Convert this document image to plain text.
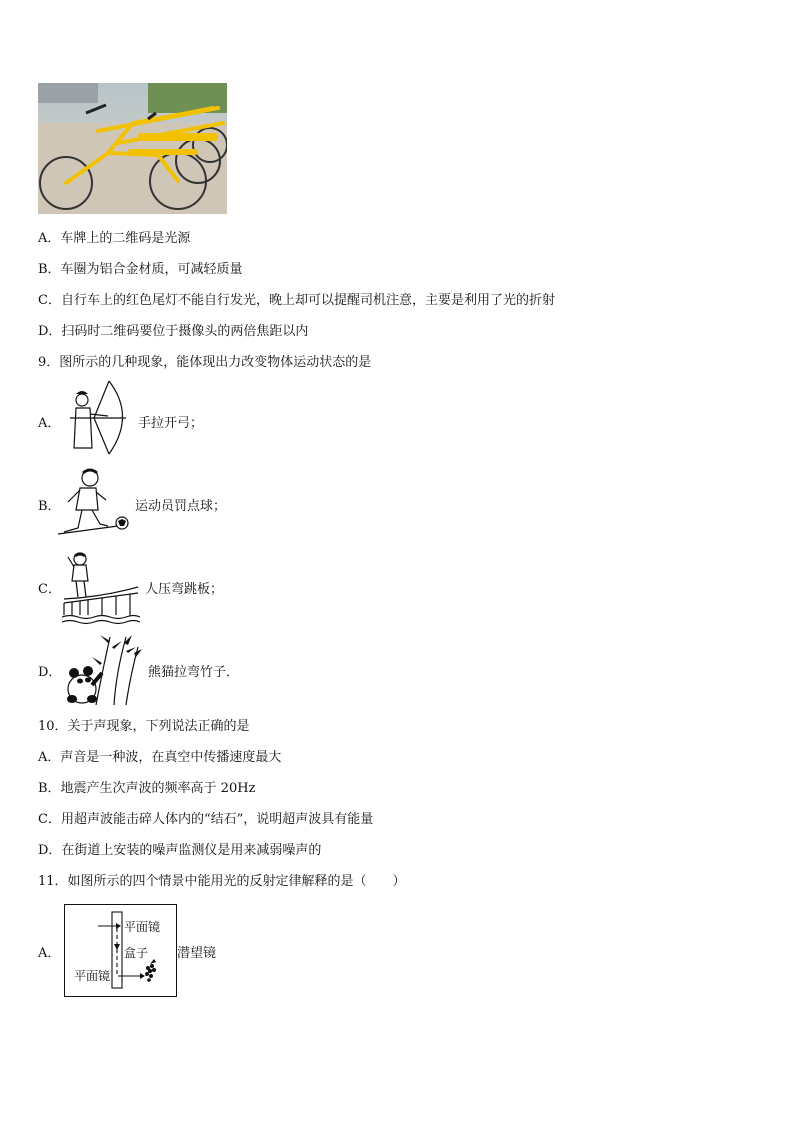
A．车牌上的二维码是光源
B．车圈为铝合金材质，可减轻质量
C．自行车上的红色尾灯不能自行发光，晚上却可以提醒司机注意，主要是利用了光的折射
D．扫码时二维码要位于摄像头的两倍焦距以内
9．图所示的几种现象，能体现出力改变物体运动状态的是
A．	手拉开弓；
B．	运动员罚点球；
C．	人压弯跳板；
D．	熊猫拉弯竹子．
10．关于声现象，下列说法正确的是
A．声音是一种波，在真空中传播速度最大
B．地震产生次声波的频率高于 20Hz
C．用超声波能击碎人体内的“结石”，说明超声波具有能量
D．在街道上安装的噪声监测仪是用来减弱噪声的
11．如图所示的四个情景中能用光的反射定律解释的是（　　）
A．
平面镜
盒子
平面镜
潜望镜
